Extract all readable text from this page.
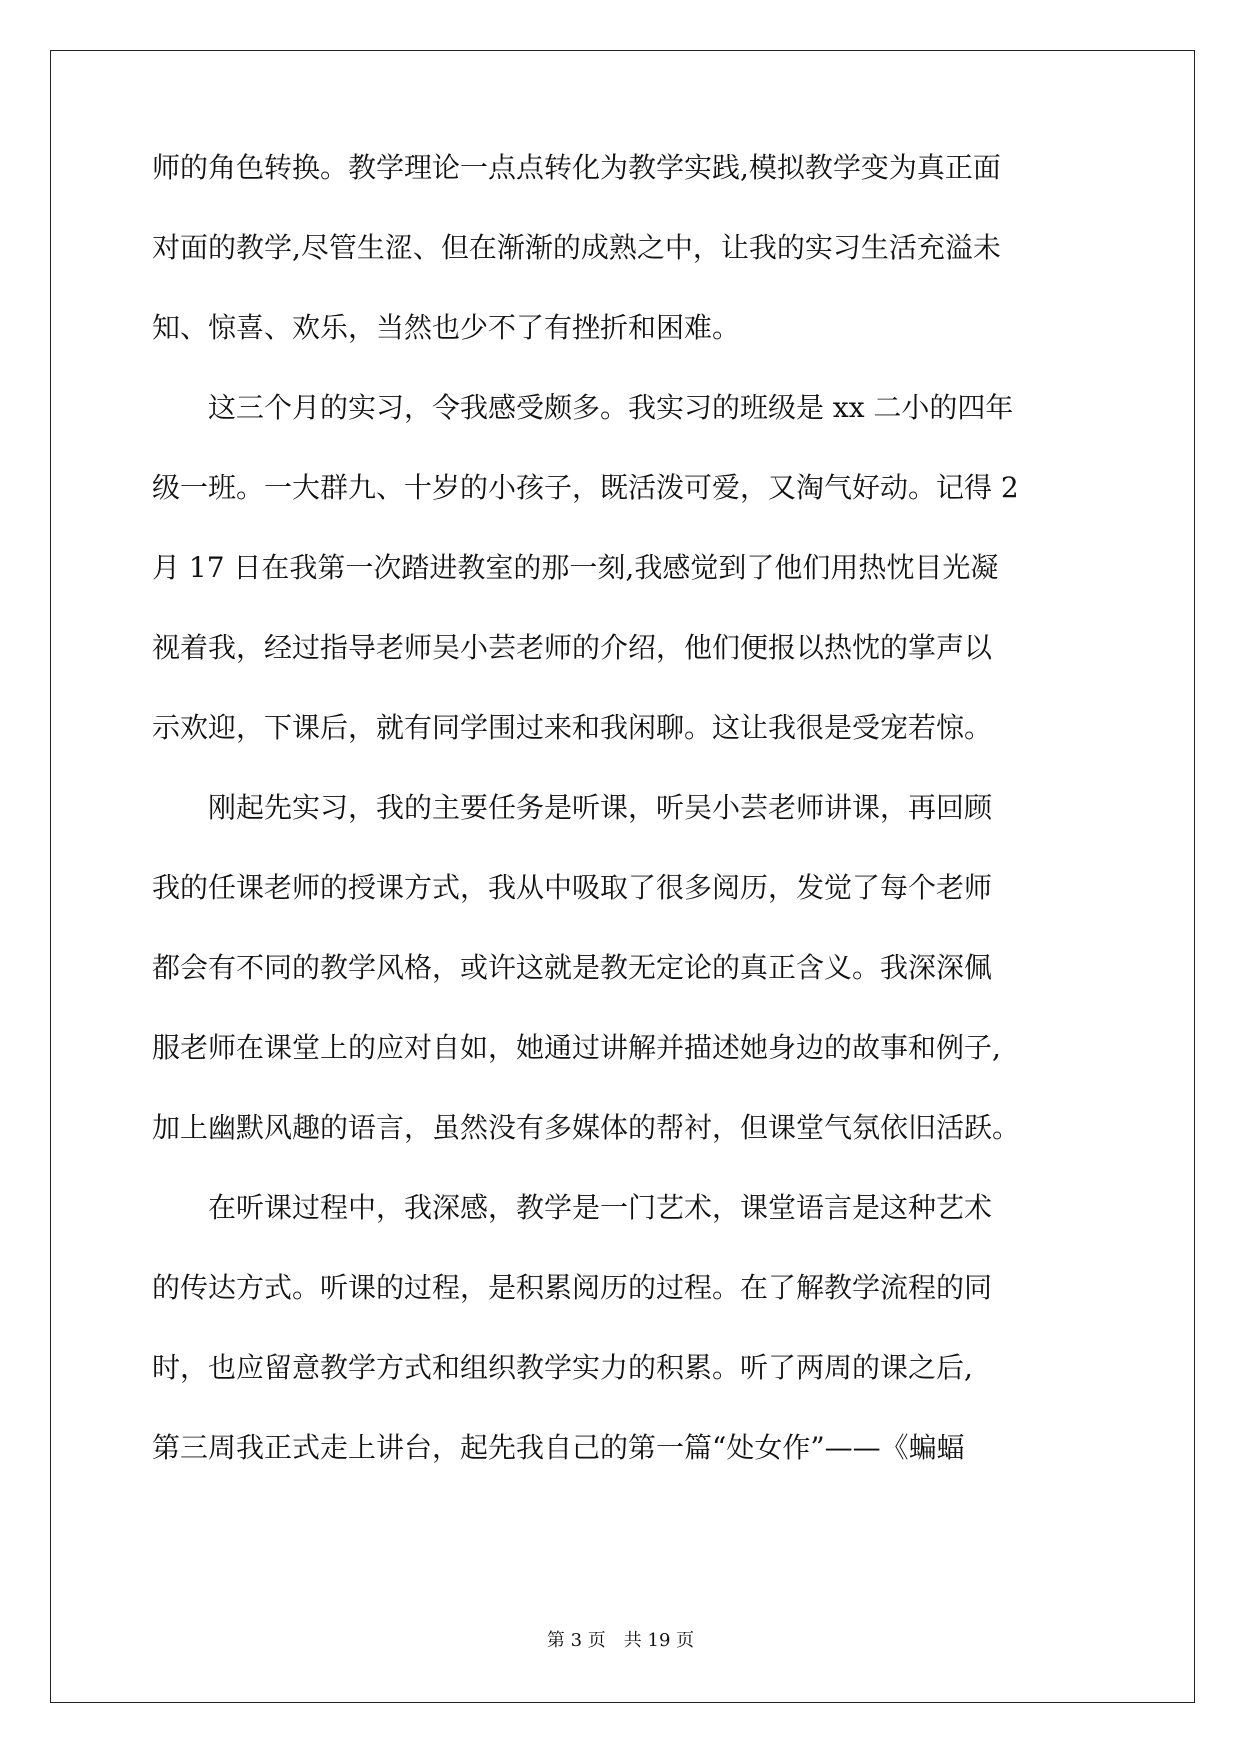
师的角色转换。教学理论一点点转化为教学实践,模拟教学变为真正面
对面的教学,尽管生涩、但在渐渐的成熟之中，让我的实习生活充溢未
知、惊喜、欢乐，当然也少不了有挫折和困难。
　　这三个月的实习，令我感受颇多。我实习的班级是 xx 二小的四年
级一班。一大群九、十岁的小孩子，既活泼可爱，又淘气好动。记得 2
月 17 日在我第一次踏进教室的那一刻,我感觉到了他们用热忱目光凝
视着我，经过指导老师吴小芸老师的介绍，他们便报以热忱的掌声以
示欢迎，下课后，就有同学围过来和我闲聊。这让我很是受宠若惊。
　　刚起先实习，我的主要任务是听课，听吴小芸老师讲课，再回顾
我的任课老师的授课方式，我从中吸取了很多阅历，发觉了每个老师
都会有不同的教学风格，或许这就是教无定论的真正含义。我深深佩
服老师在课堂上的应对自如，她通过讲解并描述她身边的故事和例子,
加上幽默风趣的语言，虽然没有多媒体的帮衬，但课堂气氛依旧活跃。
　　在听课过程中，我深感，教学是一门艺术，课堂语言是这种艺术
的传达方式。听课的过程，是积累阅历的过程。在了解教学流程的同
时，也应留意教学方式和组织教学实力的积累。听了两周的课之后,
第三周我正式走上讲台，起先我自己的第一篇“处女作”——《蝙蝠
第 3 页　共 19 页
